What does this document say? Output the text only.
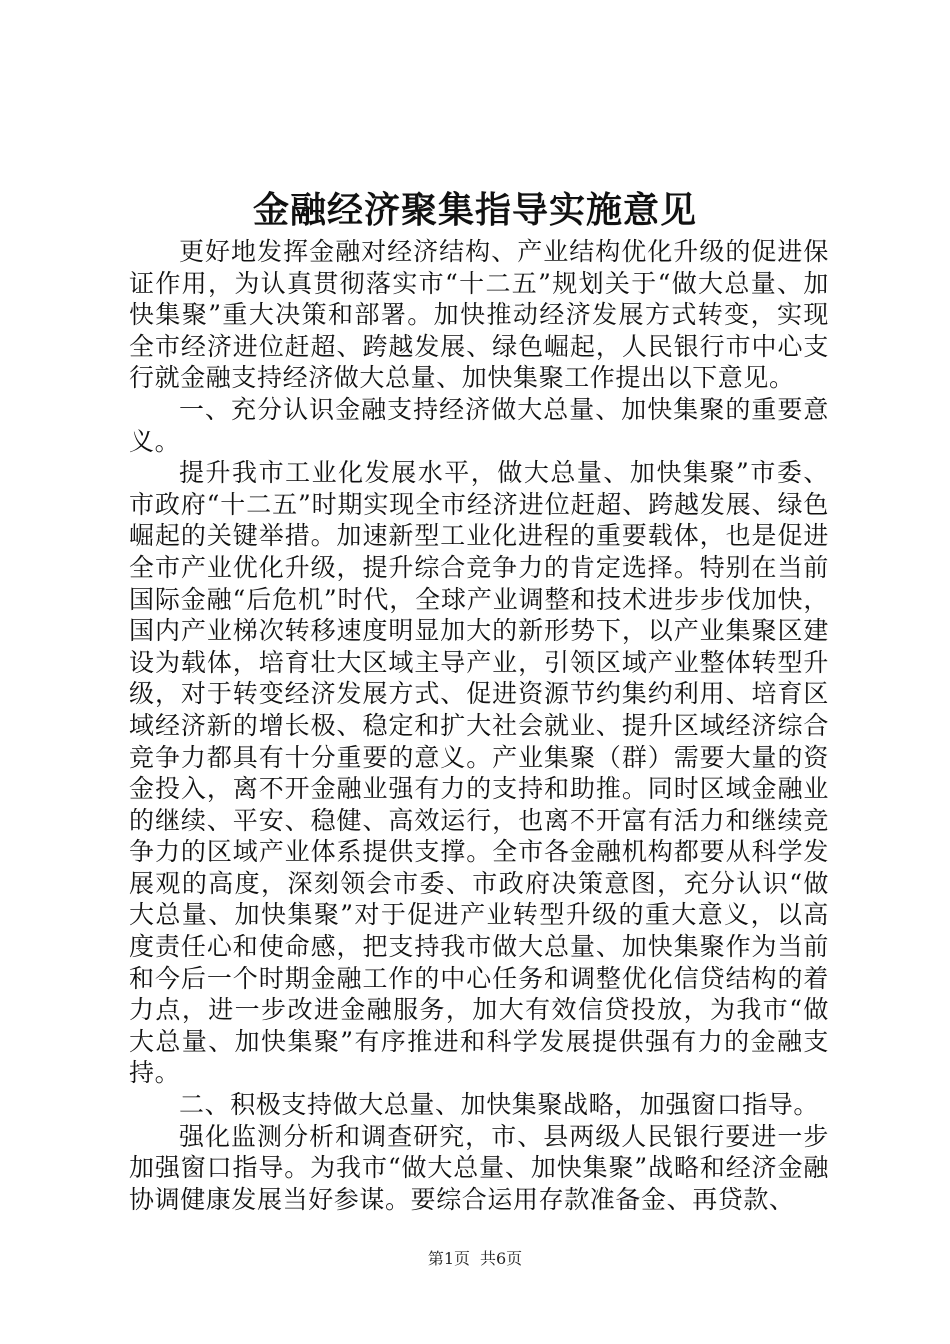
金融经济聚集指导实施意见

更好地发挥金融对经济结构、产业结构优化升级的促进保证作用，为认真贯彻落实市“十二五”规划关于“做大总量、加快集聚”重大决策和部署。加快推动经济发展方式转变，实现全市经济进位赶超、跨越发展、绿色崛起，人民银行市中心支行就金融支持经济做大总量、加快集聚工作提出以下意见。

一、充分认识金融支持经济做大总量、加快集聚的重要意义。

提升我市工业化发展水平，做大总量、加快集聚”市委、市政府“十二五”时期实现全市经济进位赶超、跨越发展、绿色崛起的关键举措。加速新型工业化进程的重要载体，也是促进全市产业优化升级，提升综合竞争力的肯定选择。特别在当前国际金融“后危机”时代，全球产业调整和技术进步步伐加快，国内产业梯次转移速度明显加大的新形势下，以产业集聚区建设为载体，培育壮大区域主导产业，引领区域产业整体转型升级，对于转变经济发展方式、促进资源节约集约利用、培育区域经济新的增长极、稳定和扩大社会就业、提升区域经济综合竞争力都具有十分重要的意义。产业集聚（群）需要大量的资金投入，离不开金融业强有力的支持和助推。同时区域金融业的继续、平安、稳健、高效运行，也离不开富有活力和继续竞争力的区域产业体系提供支撑。全市各金融机构都要从科学发展观的高度，深刻领会市委、市政府决策意图，充分认识“做大总量、加快集聚”对于促进产业转型升级的重大意义，以高度责任心和使命感，把支持我市做大总量、加快集聚作为当前和今后一个时期金融工作的中心任务和调整优化信贷结构的着力点，进一步改进金融服务，加大有效信贷投放，为我市“做大总量、加快集聚”有序推进和科学发展提供强有力的金融支持。

二、积极支持做大总量、加快集聚战略，加强窗口指导。

强化监测分析和调查研究，市、县两级人民银行要进一步加强窗口指导。为我市“做大总量、加快集聚”战略和经济金融协调健康发展当好参谋。要综合运用存款准备金、再贷款、

第1页 共6页
